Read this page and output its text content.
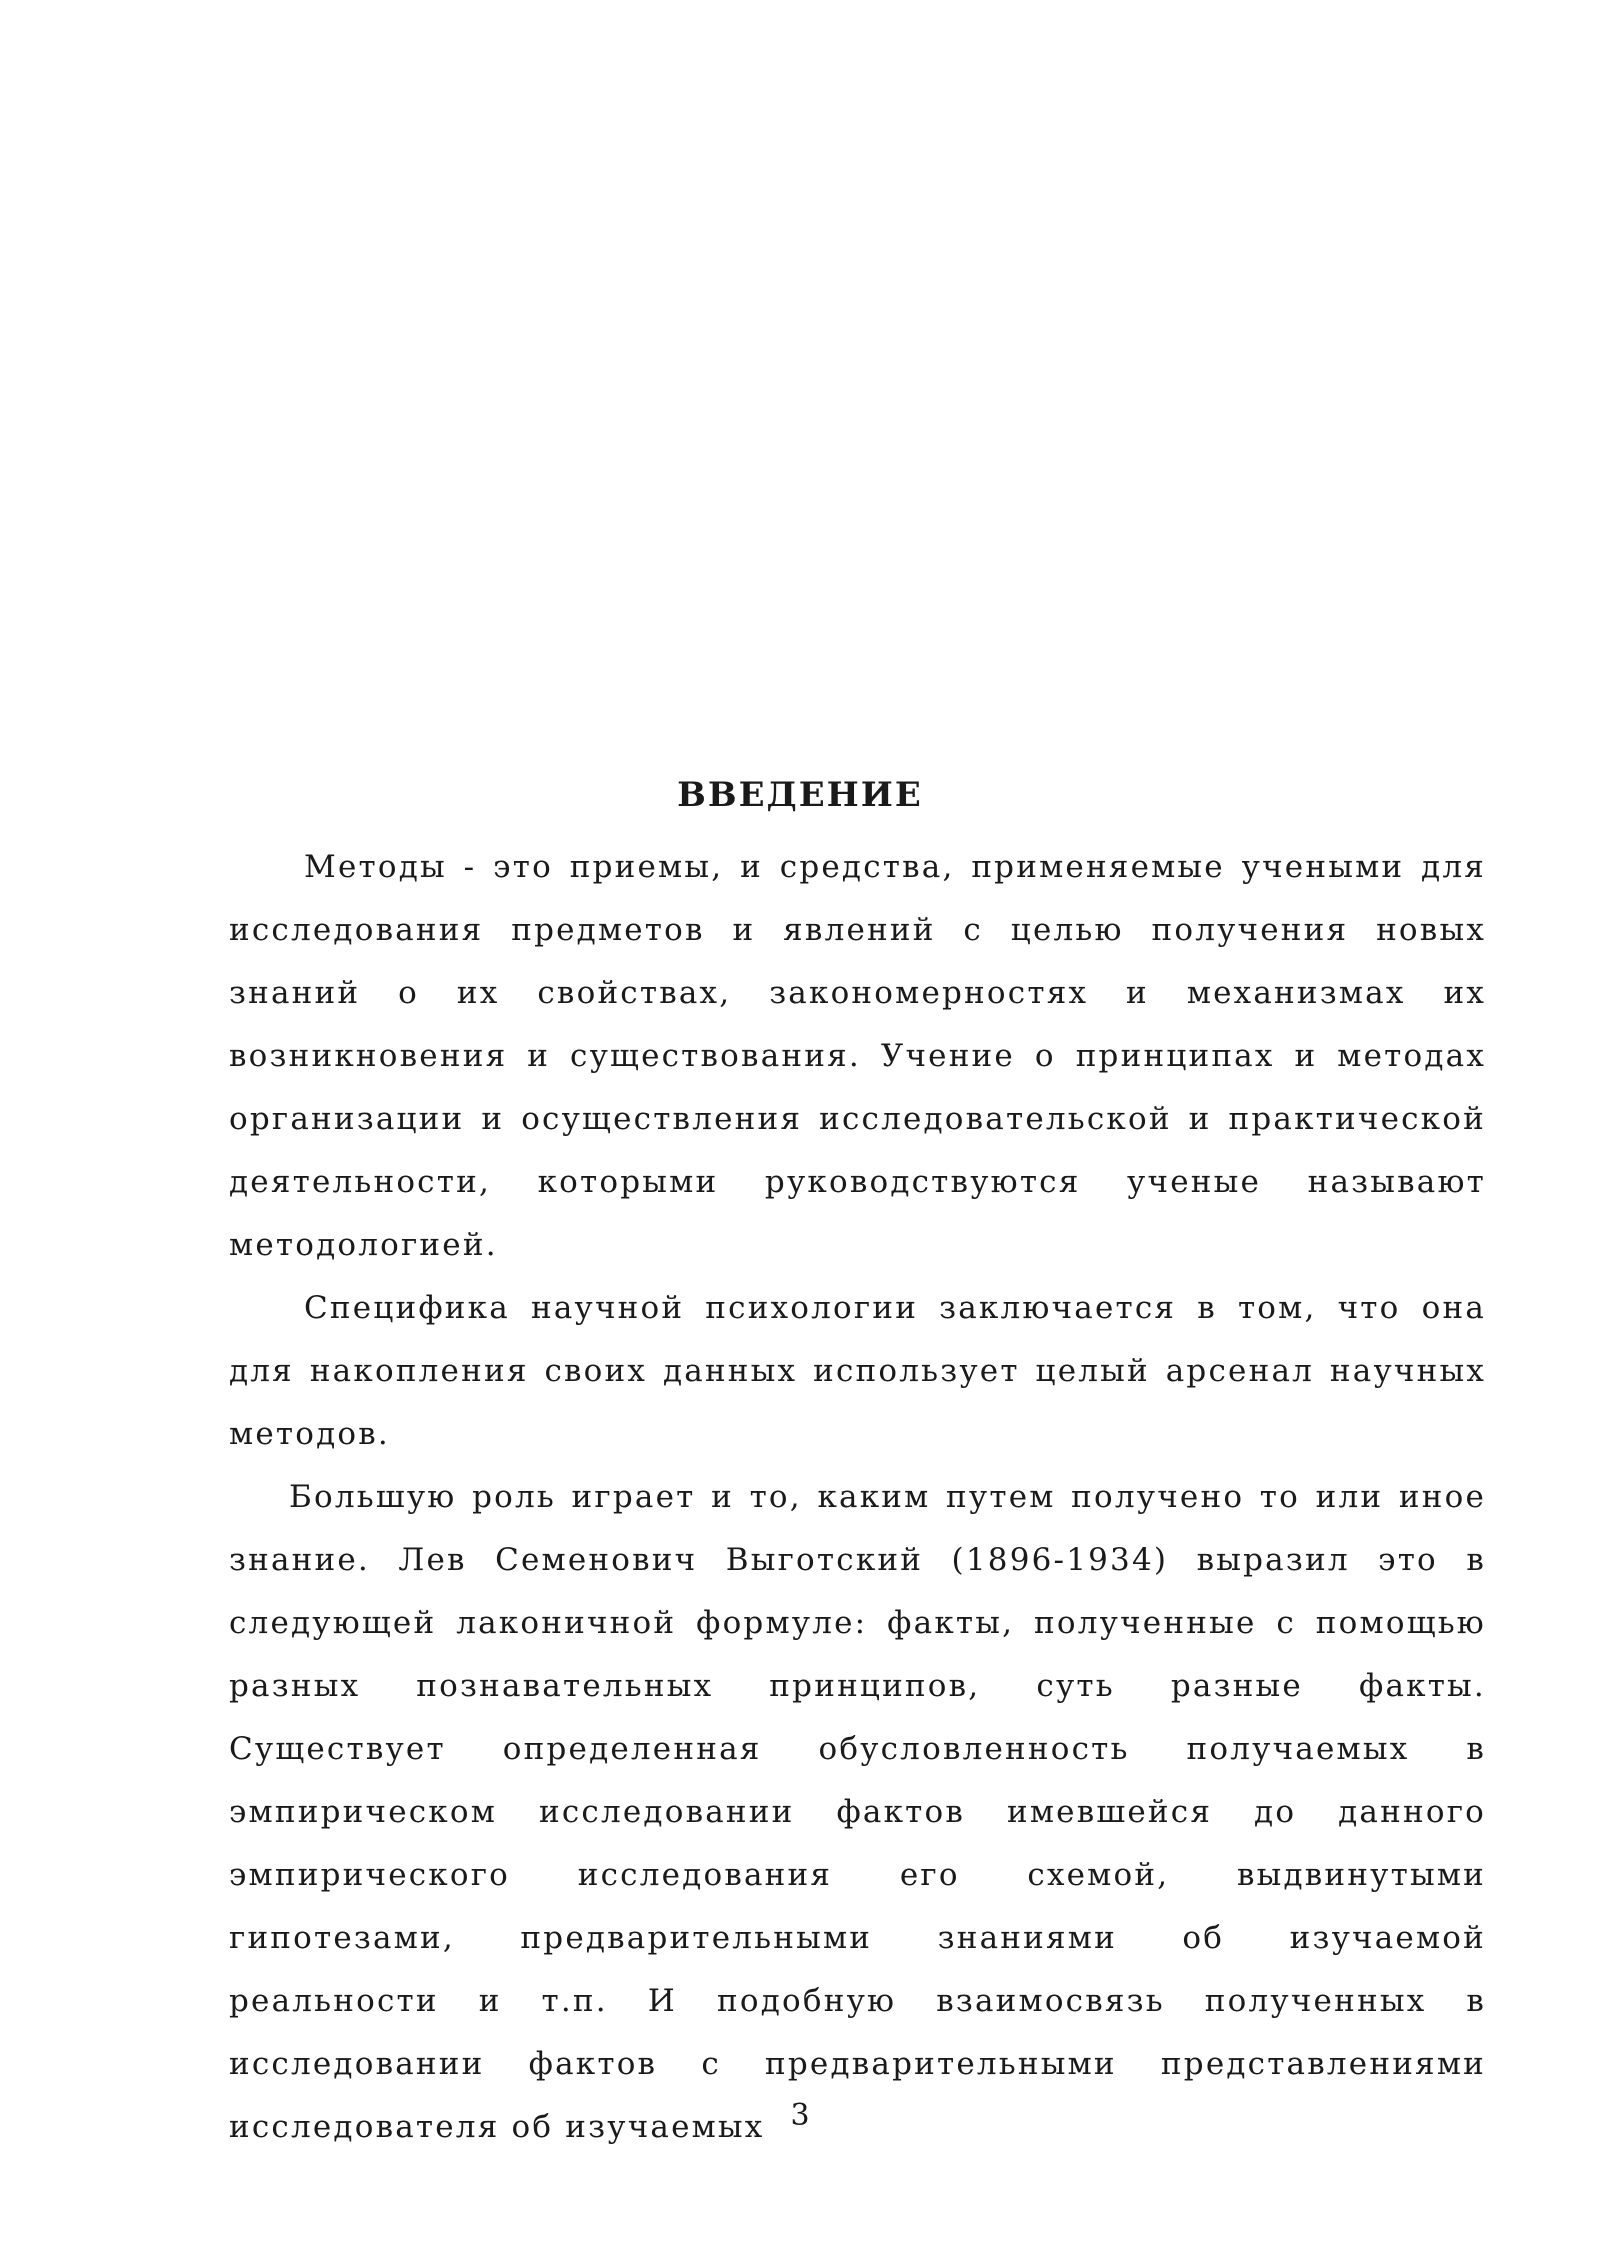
ВВЕДЕНИЕ

Методы - это приемы, и средства, применяемые учеными для исследования предметов и явлений с целью получения новых знаний о их свойствах, закономерностях и механизмах их возникновения и существования. Учение о принципах и методах организации и осуществления исследовательской и практической деятельности, которыми руководствуются ученые называют методологией.

Специфика научной психологии заключается в том, что она для накопления своих данных использует целый арсенал научных методов.

Большую роль играет и то, каким путем получено то или иное знание. Лев Семенович Выготский (1896-1934) выразил это в следующей лаконичной формуле: факты, полученные с помощью разных познавательных принципов, суть разные факты. Существует определенная обусловленность получаемых в эмпирическом исследовании фактов имевшейся до данного эмпирического исследования его схемой, выдвинутыми гипотезами, предварительными знаниями об изучаемой реальности и т.п. И подобную взаимосвязь полученных в исследовании фактов с предварительными представлениями исследователя об изучаемых 3
